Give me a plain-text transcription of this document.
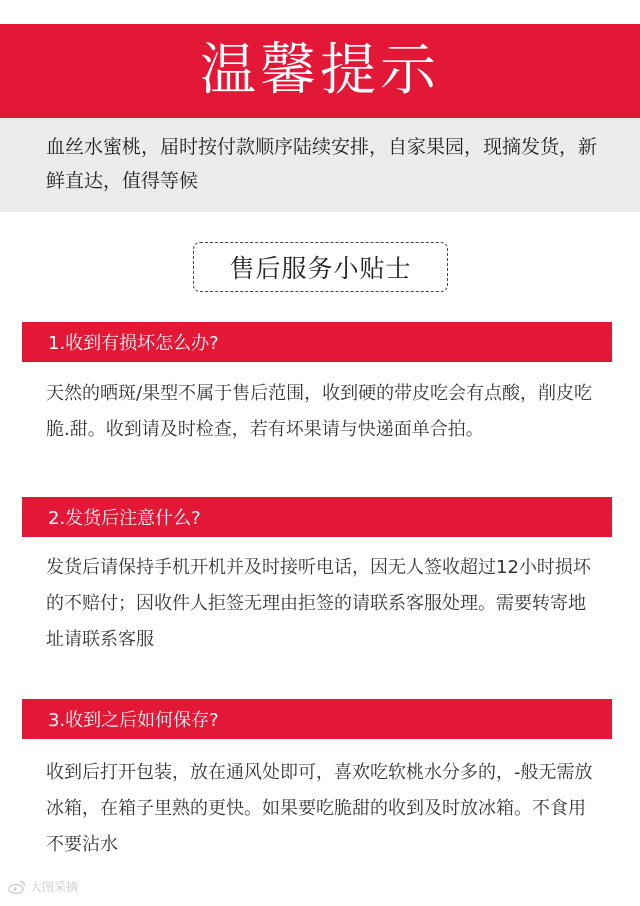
温馨提示

血丝水蜜桃，届时按付款顺序陆续安排，自家果园，现摘发货，新鲜直达，值得等候

售后服务小贴士
1.收到有损坏怎么办?

天然的晒斑/果型不属于售后范围，收到硬的带皮吃会有点酸，削皮吃脆.甜。收到请及时检查，若有坏果请与快递面单合拍。

2.发货后注意什么?

发货后请保持手机开机并及时接听电话，因无人签收超过12小时损坏的不赔付；因收件人拒签无理由拒签的请联系客服处理。需要转寄地址请联系客服

3.收到之后如何保存?

收到后打开包装，放在通风处即可，喜欢吃软桃水分多的，-般无需放冰箱，在箱子里熟的更快。如果要吃脆甜的收到及时放冰箱。不食用不要沾水

大图采摘
